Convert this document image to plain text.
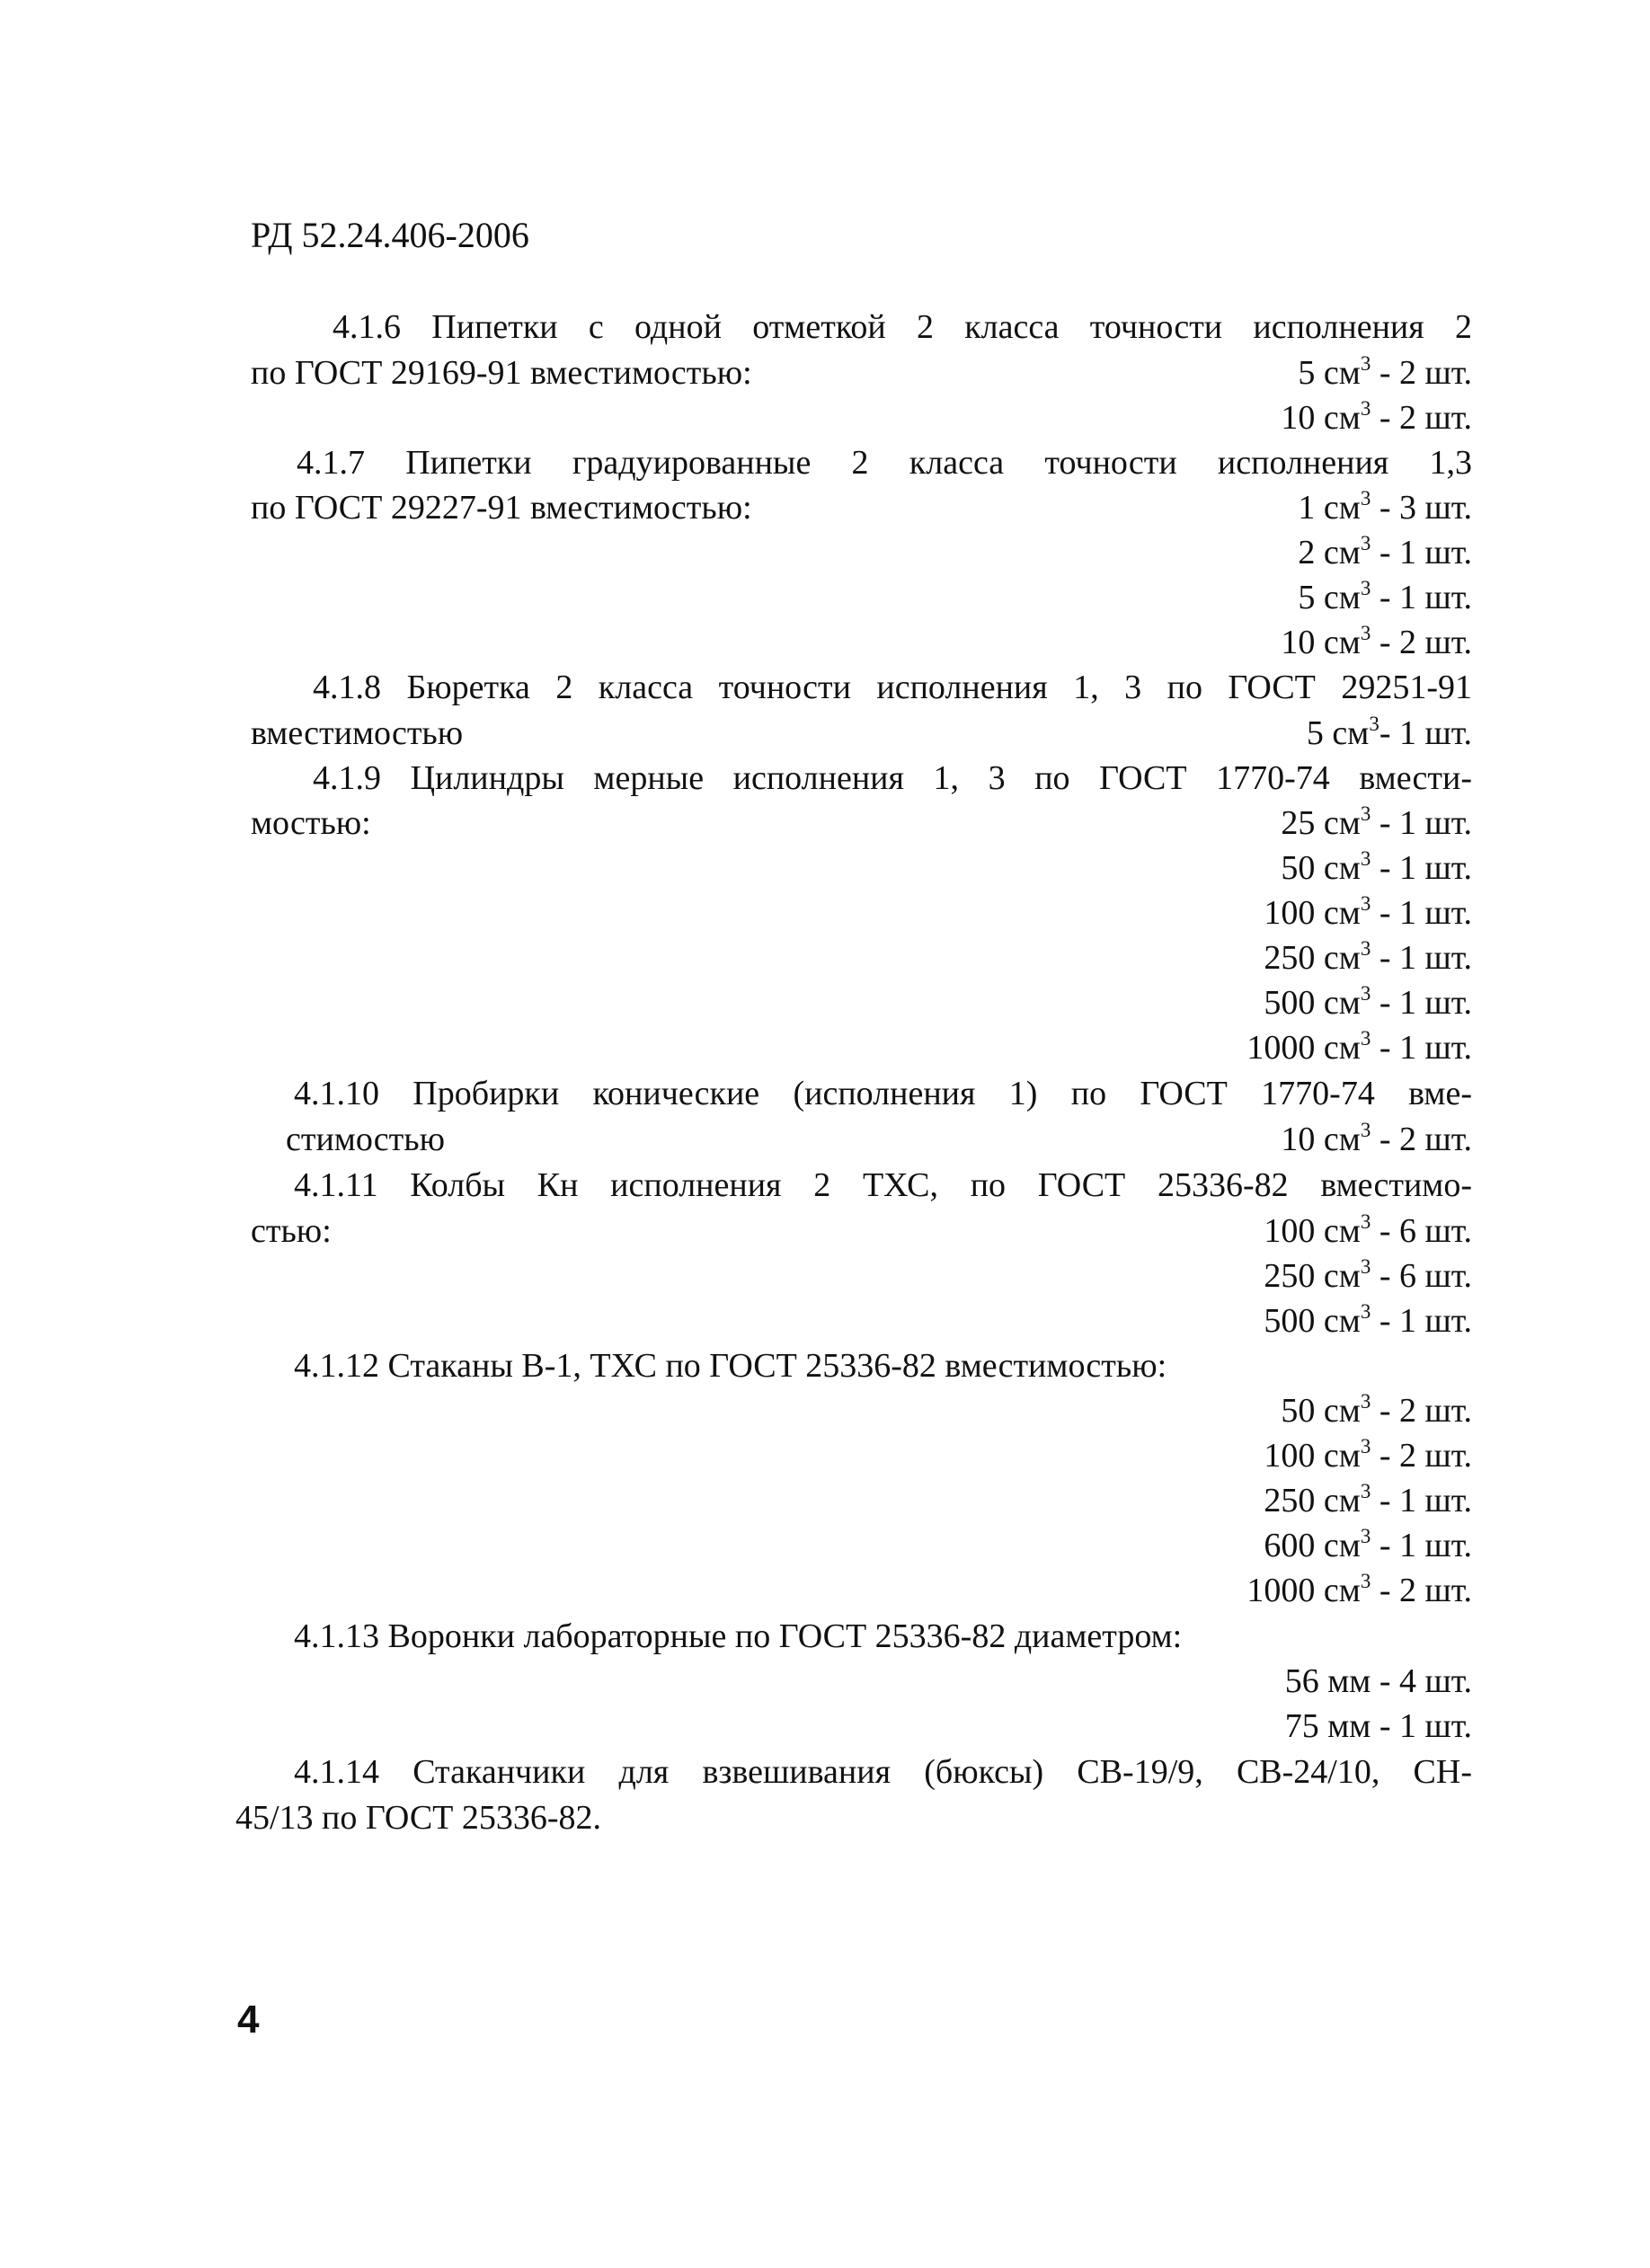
РД 52.24.406-2006
4.1.6 Пипетки с одной отметкой 2 класса точности исполнения 2
по ГОСТ 29169-91 вместимостью:	5 $см^3 - 2$ шт.
10 $см^3 - 2$ шт.
4.1.7 Пипетки градуированные 2 класса точности исполнения 1,3
по ГОСТ 29227-91 вместимостью:	1 $см^3 - 3$ шт.
2 $см^3 - 1$ шт.
5 $см^3 - 1$ шт.
10 $см^3 - 2$ шт.
4.1.8 Бюретка 2 класса точности исполнения 1, 3 по ГОСТ 29251-91
вместимостью	5 $см^3-$ 1 шт.
4.1.9 Цилиндры мерные исполнения 1, 3 по ГОСТ 1770-74 вмести-
мостью:	25 $см^3 - 1$ шт.
50 $см^3 - 1$ шт.
100 $см^3 - 1$ шт.
250 $см^3 - 1$ шт.
500 $см^3 - 1$ шт.
1000 $см^3 - 1$ шт.
4.1.10 Пробирки конические (исполнения 1) по ГОСТ 1770-74 вме-
стимостью	10 $см^3 - 2$ шт.
4.1.11 Колбы Кн исполнения 2 ТХС, по ГОСТ 25336-82 вместимо-
стью:	100 $см^3 - 6$ шт.
250 $см^3 - 6$ шт.
500 $см^3 - 1$ шт.
4.1.12 Стаканы В-1, ТХС по ГОСТ 25336-82 вместимостью:
50 $см^3 - 2$ шт.
100 $см^3 - 2$ шт.
250 $см^3 - 1$ шт.
600 $см^3 - 1$ шт.
1000 $см^3 - 2$ шт.
4.1.13 Воронки лабораторные по ГОСТ 25336-82 диаметром:
56 мм - 4 шт.
75 мм - 1 шт.
4.1.14 Стаканчики для взвешивания (бюксы) СВ-19/9, СВ-24/10, СН-
45/13 по ГОСТ 25336-82.
4
